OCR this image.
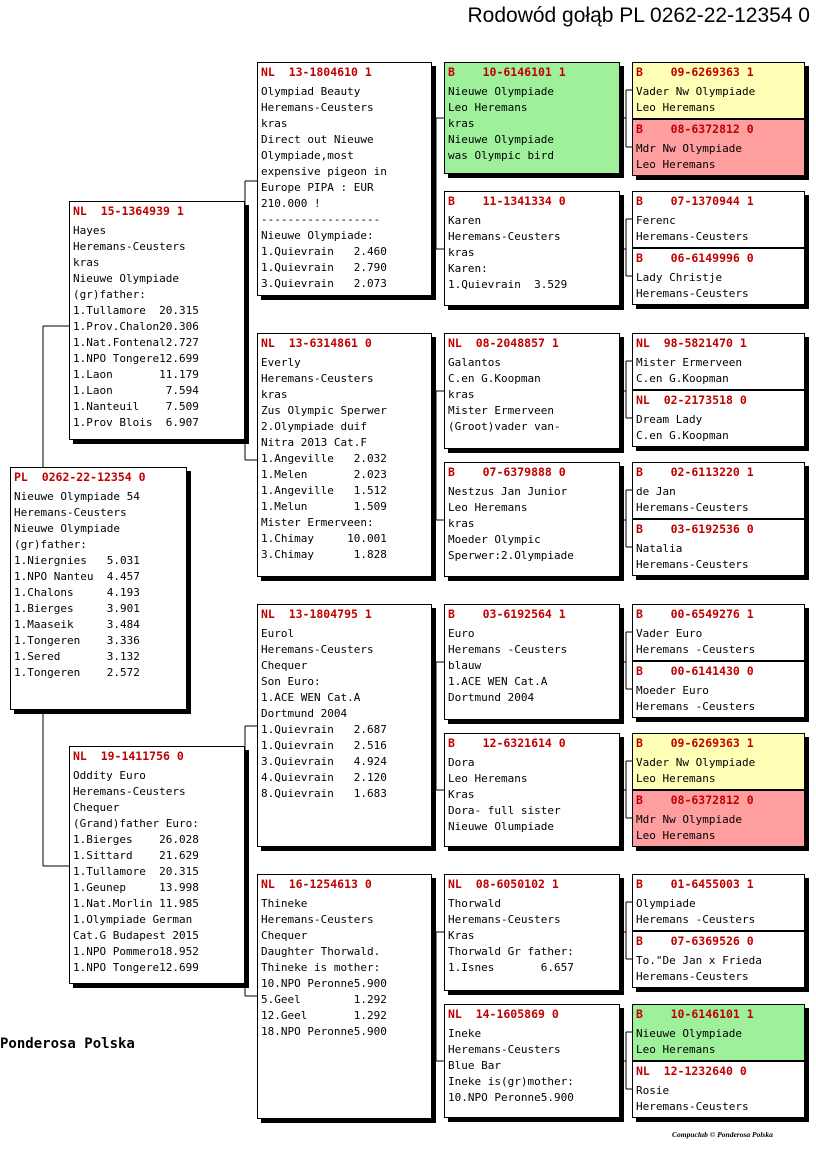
Rodowód gołąb PL 0262-22-12354 0
PL  0262-22-12354 0
Nieuwe Olympiade 54
Heremans-Ceusters
Nieuwe Olympiade
(gr)father:
1.Niergnies   5.031
1.NPO Nanteu  4.457
1.Chalons     4.193
1.Bierges     3.901
1.Maaseik     3.484
1.Tongeren    3.336
1.Sered       3.132
1.Tongeren    2.572
NL  15-1364939 1
Hayes
Heremans-Ceusters
kras
Nieuwe Olympiade
(gr)father:
1.Tullamore  20.315
1.Prov.Chalon20.306
1.Nat.Fontenal2.727
1.NPO Tongere12.699
1.Laon       11.179
1.Laon        7.594
1.Nanteuil    7.509
1.Prov Blois  6.907
NL  19-1411756 0
Oddity Euro
Heremans-Ceusters
Chequer
(Grand)father Euro:
1.Bierges    26.028
1.Sittard    21.629
1.Tullamore  20.315
1.Geunep     13.998
1.Nat.Morlin 11.985
1.Olympiade German
Cat.G Budapest 2015
1.NPO Pommero18.952
1.NPO Tongere12.699
NL  13-1804610 1
Olympiad Beauty
Heremans-Ceusters
kras
Direct out Nieuwe
Olympiade,most
expensive pigeon in
Europe PIPA : EUR
210.000 !
------------------
Nieuwe Olympiade:
1.Quievrain   2.460
1.Quievrain   2.790
3.Quievrain   2.073
NL  13-6314861 0
Everly
Heremans-Ceusters
kras
Zus Olympic Sperwer
2.Olympiade duif
Nitra 2013 Cat.F
1.Angeville   2.032
1.Melen       2.023
1.Angeville   1.512
1.Melun       1.509
Mister Ermerveen:
1.Chimay     10.001
3.Chimay      1.828
NL  13-1804795 1
Eurol
Heremans-Ceusters
Chequer
Son Euro:
1.ACE WEN Cat.A
Dortmund 2004
1.Quievrain   2.687
1.Quievrain   2.516
3.Quievrain   4.924
4.Quievrain   2.120
8.Quievrain   1.683
NL  16-1254613 0
Thineke
Heremans-Ceusters
Chequer
Daughter Thorwald.
Thineke is mother:
10.NPO Peronne5.900
5.Geel        1.292
12.Geel       1.292
18.NPO Peronne5.900
B    10-6146101 1
Nieuwe Olympiade
Leo Heremans
kras
Nieuwe Olympiade
was Olympic bird
B    11-1341334 0
Karen
Heremans-Ceusters
kras
Karen:
1.Quievrain  3.529
NL  08-2048857 1
Galantos
C.en G.Koopman
kras
Mister Ermerveen
(Groot)vader van-
B    07-6379888 0
Nestzus Jan Junior
Leo Heremans
kras
Moeder Olympic
Sperwer:2.Olympiade
B    03-6192564 1
Euro
Heremans -Ceusters
blauw
1.ACE WEN Cat.A
Dortmund 2004
B    12-6321614 0
Dora
Leo Heremans
Kras
Dora- full sister
Nieuwe Olumpiade
NL  08-6050102 1
Thorwald
Heremans-Ceusters
Kras
Thorwald Gr father:
1.Isnes       6.657
NL  14-1605869 0
Ineke
Heremans-Ceusters
Blue Bar
Ineke is(gr)mother:
10.NPO Peronne5.900
B    09-6269363 1
Vader Nw Olympiade
Leo Heremans
B    08-6372812 0
Mdr Nw Olympiade
Leo Heremans
B    07-1370944 1
Ferenc
Heremans-Ceusters
B    06-6149996 0
Lady Christje
Heremans-Ceusters
NL  98-5821470 1
Mister Ermerveen
C.en G.Koopman
NL  02-2173518 0
Dream Lady
C.en G.Koopman
B    02-6113220 1
de Jan
Heremans-Ceusters
B    03-6192536 0
Natalia
Heremans-Ceusters
B    00-6549276 1
Vader Euro
Heremans -Ceusters
B    00-6141430 0
Moeder Euro
Heremans -Ceusters
B    09-6269363 1
Vader Nw Olympiade
Leo Heremans
B    08-6372812 0
Mdr Nw Olympiade
Leo Heremans
B    01-6455003 1
Olympiade
Heremans -Ceusters
B    07-6369526 0
To."De Jan x Frieda
Heremans-Ceusters
B    10-6146101 1
Nieuwe Olympiade
Leo Heremans
NL  12-1232640 0
Rosie
Heremans-Ceusters
Ponderosa Polska
Compuclub © Ponderosa Polska
